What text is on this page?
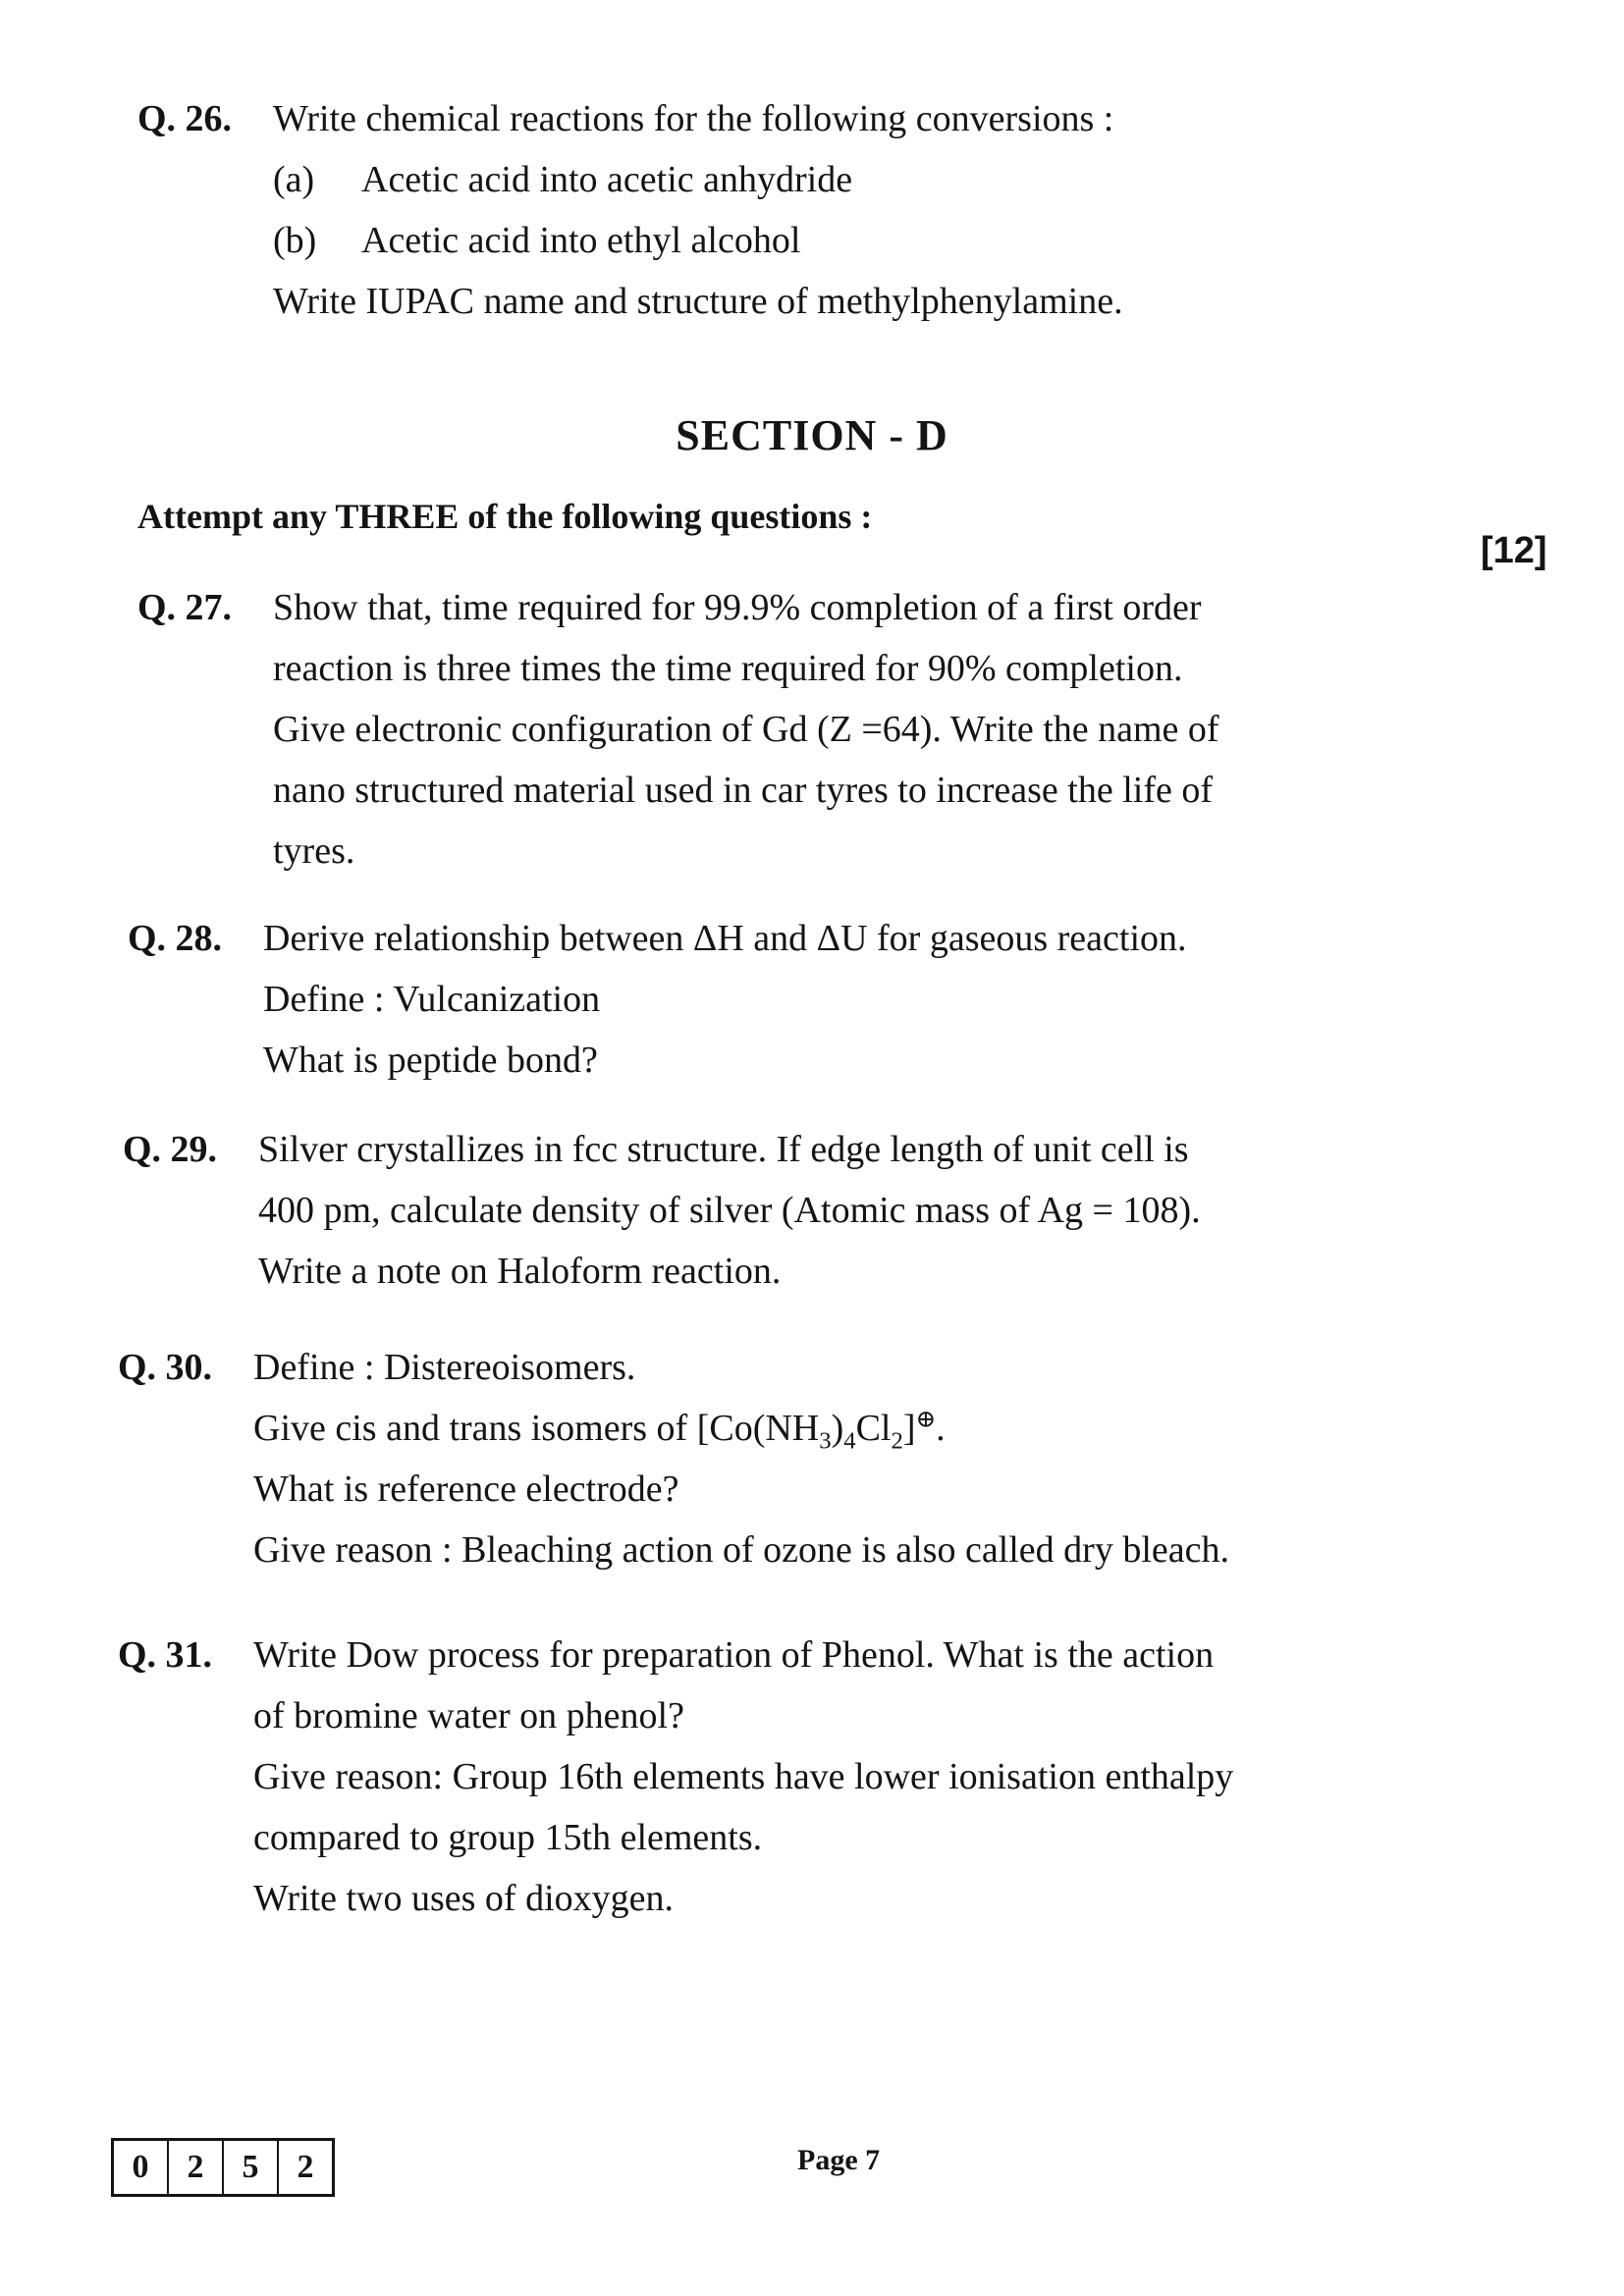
Q. 26.	Write chemical reactions for the following conversions :
(a) Acetic acid into acetic anhydride
(b) Acetic acid into ethyl alcohol
Write IUPAC name and structure of methylphenylamine.
SECTION - D
Attempt any THREE of the following questions :
[12]
Q. 27.	Show that, time required for 99.9% completion of a first order
reaction is three times the time required for 90% completion.
Give electronic configuration of Gd (Z =64). Write the name of
nano structured material used in car tyres to increase the life of
tyres.
Q. 28.	Derive relationship between ΔH and ΔU for gaseous reaction.
Define : Vulcanization
What is peptide bond?
Q. 29.	Silver crystallizes in fcc structure. If edge length of unit cell is
400 pm, calculate density of silver (Atomic mass of Ag = 108).
Write a note on Haloform reaction.
Q. 30.	Define : Distereoisomers.
Give cis and trans isomers of $[Co(NH_3)_4Cl_2]^\oplus$.
What is reference electrode?
Give reason : Bleaching action of ozone is also called dry bleach.
Q. 31.	Write Dow process for preparation of Phenol. What is the action
of bromine water on phenol?
Give reason: Group 16th elements have lower ionisation enthalpy
compared to group 15th elements.
Write two uses of dioxygen.
0	2	5	2	Page 7
